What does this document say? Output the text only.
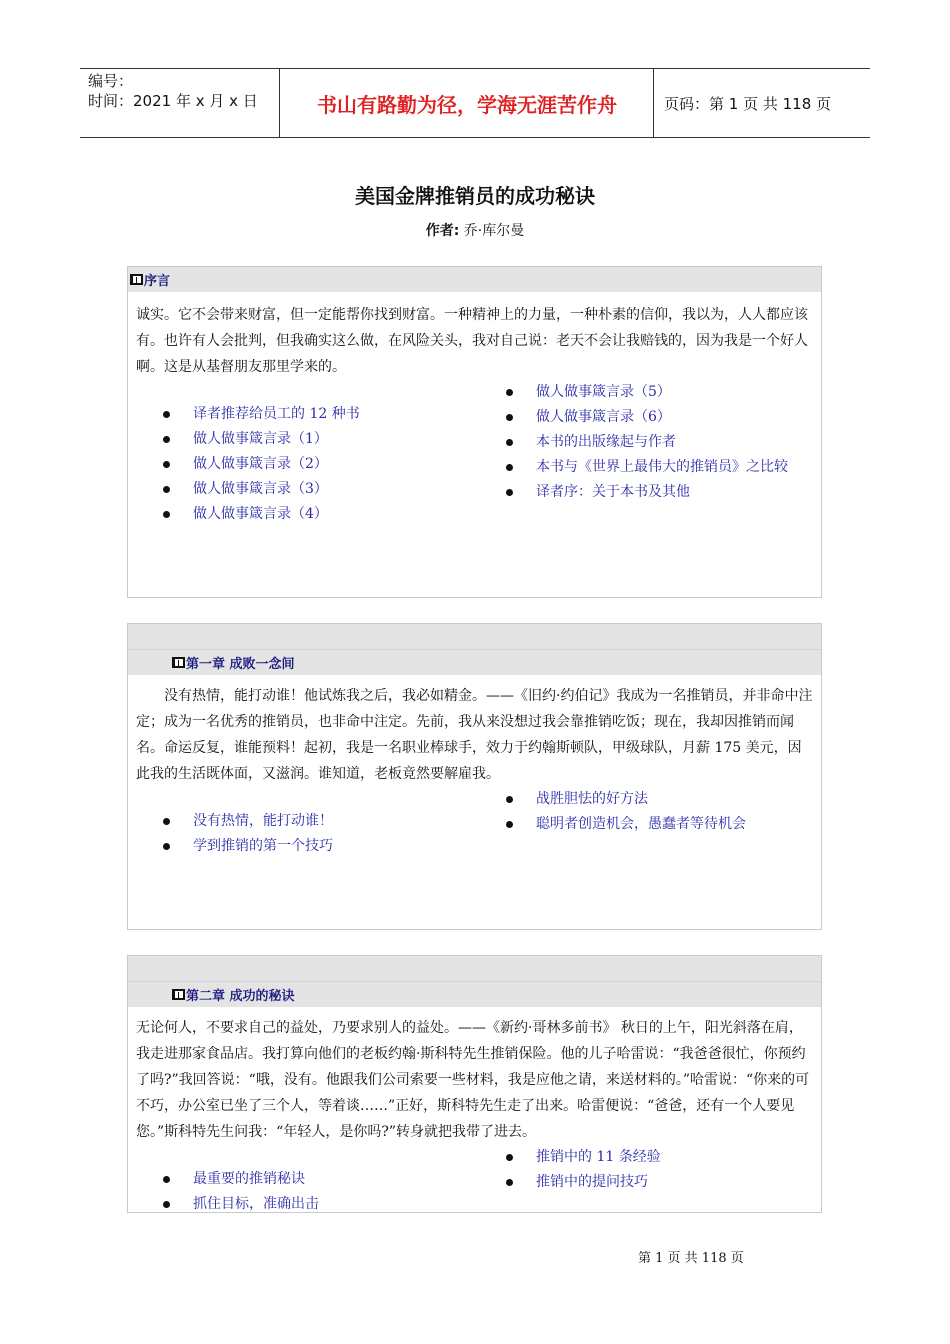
编号：
时间：2021 年 x 月 x 日	书山有路勤为径，学海无涯苦作舟	页码：第 1 页 共 118 页
美国金牌推销员的成功秘诀
作者: 乔·库尔曼
序言
诚实。它不会带来财富，但一定能帮你找到财富。一种精神上的力量，一种朴素的信仰，我以为，人人都应该有。也许有人会批判，但我确实这么做，在风险关头，我对自己说：老天不会让我赔钱的，因为我是一个好人啊。这是从基督朋友那里学来的。
译者推荐给员工的 12 种书
做人做事箴言录（1）
做人做事箴言录（2）
做人做事箴言录（3）
做人做事箴言录（4）
做人做事箴言录（5）
做人做事箴言录（6）
本书的出版缘起与作者
本书与《世界上最伟大的推销员》之比较
译者序：关于本书及其他
第一章 成败一念间
没有热情，能打动谁！他试炼我之后，我必如精金。——《旧约·约伯记》我成为一名推销员，并非命中注定；成为一名优秀的推销员，也非命中注定。先前，我从来没想过我会靠推销吃饭；现在，我却因推销而闻名。命运反复，谁能预料！起初，我是一名职业棒球手，效力于约翰斯顿队，甲级球队，月薪 175 美元，因此我的生活既体面，又滋润。谁知道，老板竟然要解雇我。
没有热情，能打动谁！
学到推销的第一个技巧
战胜胆怯的好方法
聪明者创造机会，愚蠢者等待机会
第二章 成功的秘诀
无论何人，不要求自己的益处，乃要求别人的益处。——《新约·哥林多前书》 秋日的上午，阳光斜落在肩，我走进那家食品店。我打算向他们的老板约翰·斯科特先生推销保险。他的儿子哈雷说：“我爸爸很忙，你预约了吗?”我回答说：“哦，没有。他跟我们公司索要一些材料，我是应他之请，来送材料的。”哈雷说：“你来的可不巧，办公室已坐了三个人，等着谈……”正好，斯科特先生走了出来。哈雷便说：“爸爸，还有一个人要见您。”斯科特先生问我：“年轻人，是你吗?”转身就把我带了进去。
最重要的推销秘诀
抓住目标，准确出击
推销中的 11 条经验
推销中的提问技巧
第 1 页 共 118 页
